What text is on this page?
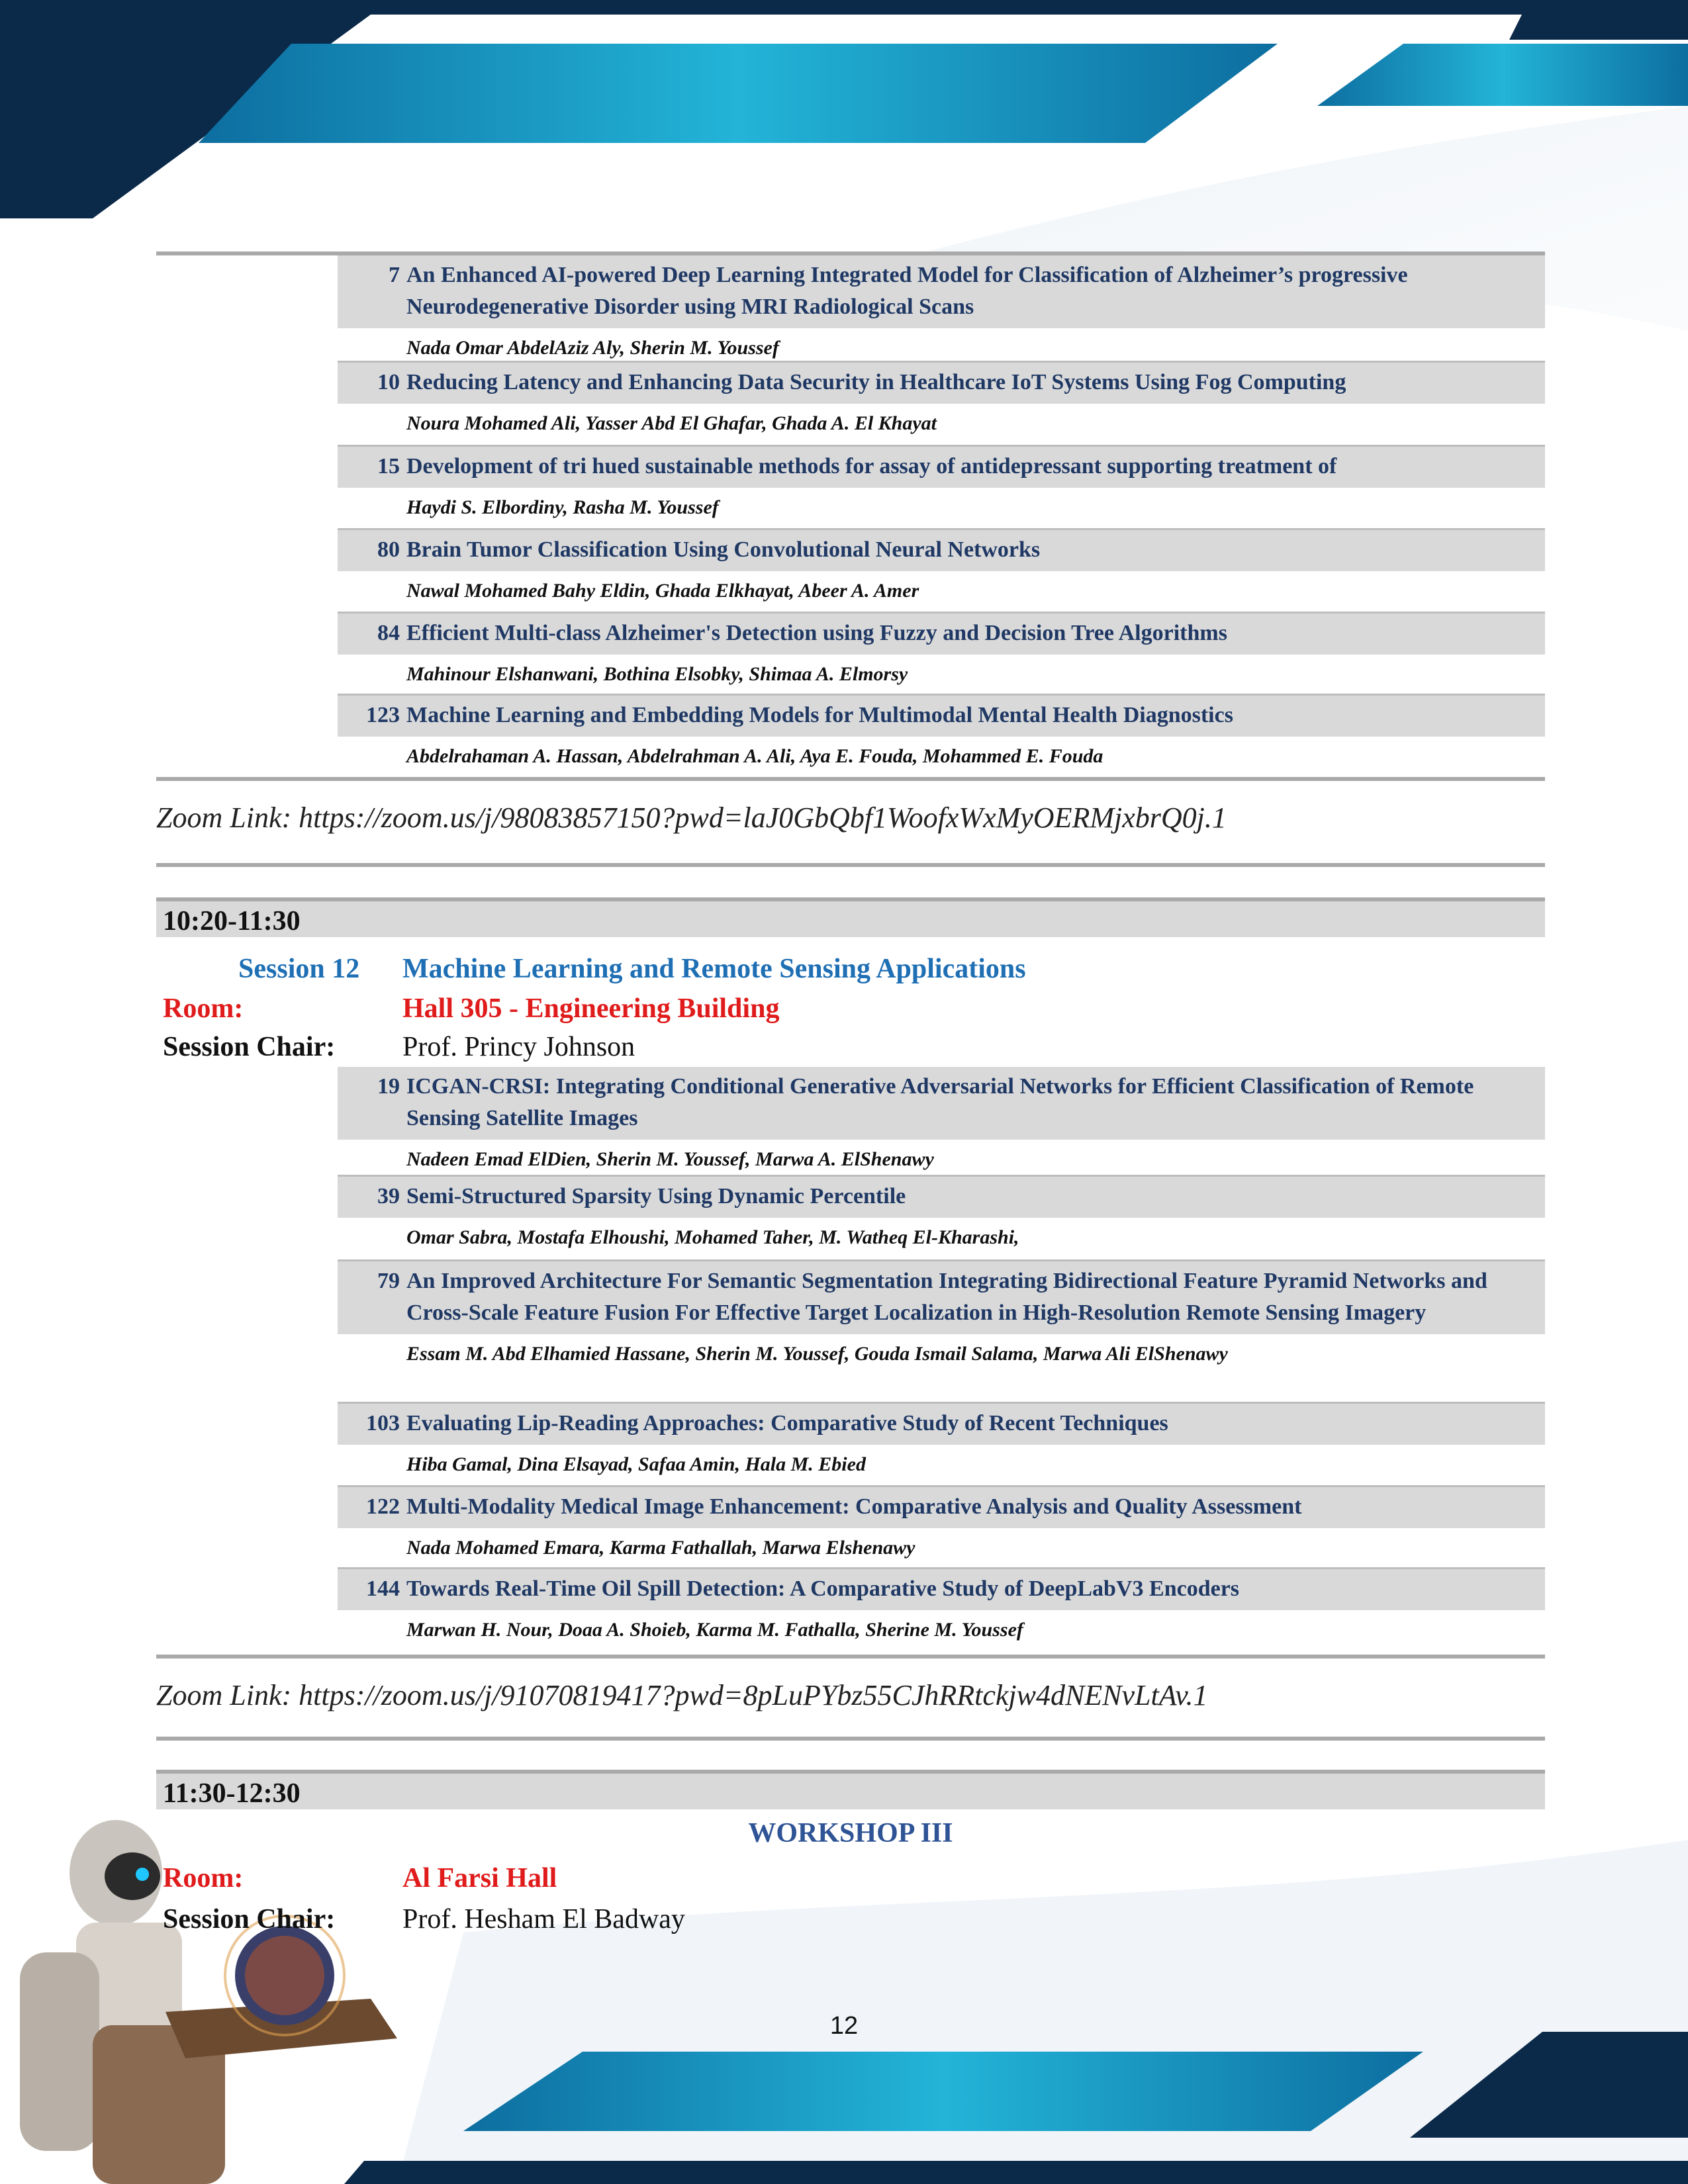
7 An Enhanced AI-powered Deep Learning Integrated Model for Classification of Alzheimer’s progressive Neurodegenerative Disorder using MRI Radiological Scans
Nada Omar AbdelAziz Aly, Sherin M. Youssef
10 Reducing Latency and Enhancing Data Security in Healthcare IoT Systems Using Fog Computing
Noura Mohamed Ali, Yasser Abd El Ghafar, Ghada A. El Khayat
15 Development of tri hued sustainable methods for assay of antidepressant supporting treatment of
Haydi S. Elbordiny, Rasha M. Youssef
80 Brain Tumor Classification Using Convolutional Neural Networks
Nawal Mohamed Bahy Eldin, Ghada Elkhayat, Abeer A. Amer
84 Efficient Multi-class Alzheimer's Detection using Fuzzy and Decision Tree Algorithms
Mahinour Elshanwani, Bothina Elsobky, Shimaa A. Elmorsy
123 Machine Learning and Embedding Models for Multimodal Mental Health Diagnostics
Abdelrahaman A. Hassan, Abdelrahman A. Ali, Aya E. Fouda, Mohammed E. Fouda
Zoom Link: https://zoom.us/j/98083857150?pwd=laJ0GbQbf1WoofxWxMyOERMjxbrQ0j.1
10:20-11:30
Session 12 Machine Learning and Remote Sensing Applications
Room:	Hall 305 - Engineering Building
Session Chair: Prof. Princy Johnson
19 ICGAN-CRSI: Integrating Conditional Generative Adversarial Networks for Efficient Classification of Remote Sensing Satellite Images
Nadeen Emad ElDien, Sherin M. Youssef, Marwa A. ElShenawy
39 Semi-Structured Sparsity Using Dynamic Percentile
Omar Sabra, Mostafa Elhoushi, Mohamed Taher, M. Watheq El-Kharashi,
79 An Improved Architecture For Semantic Segmentation Integrating Bidirectional Feature Pyramid Networks and Cross-Scale Feature Fusion For Effective Target Localization in High-Resolution Remote Sensing Imagery
Essam M. Abd Elhamied Hassane, Sherin M. Youssef, Gouda Ismail Salama, Marwa Ali ElShenawy
103 Evaluating Lip-Reading Approaches: Comparative Study of Recent Techniques
Hiba Gamal, Dina Elsayad, Safaa Amin, Hala M. Ebied
122 Multi-Modality Medical Image Enhancement: Comparative Analysis and Quality Assessment
Nada Mohamed Emara, Karma Fathallah, Marwa Elshenawy
144 Towards Real-Time Oil Spill Detection: A Comparative Study of DeepLabV3 Encoders
Marwan H. Nour, Doaa A. Shoieb, Karma M. Fathalla, Sherine M. Youssef
Zoom Link: https://zoom.us/j/91070819417?pwd=8pLuPYbz55CJhRRtckjw4dNENvLtAv.1
11:30-12:30
WORKSHOP III
Room:	Al Farsi Hall
Session Chair: Prof. Hesham El Badway
12
